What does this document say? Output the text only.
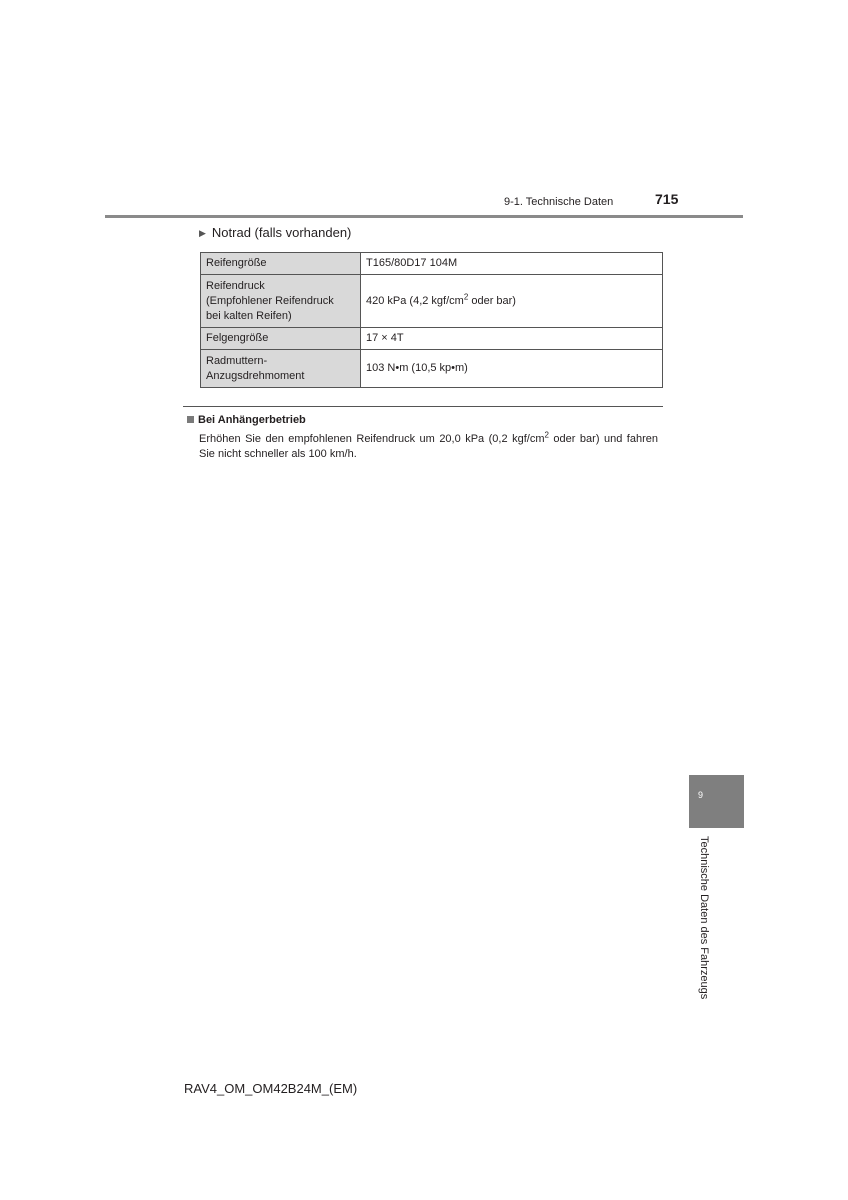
9-1. Technische Daten	715
▶ Notrad (falls vorhanden)
Reifengröße	T165/80D17 104M

Reifendruck
(Empfohlener Reifendruck
bei kalten Reifen)	420 kPa (4,2 kgf/$cm^2$ oder bar)
Felgengröße	17 × 4T

Radmuttern-
Anzugsdrehmoment	103 N•m (10,5 kp•m)
Bei Anhängerbetrieb
Erhöhen Sie den empfohlenen Reifendruck um 20,0 kPa (0,2 kgf/$cm^2$ oder bar) und fahren Sie nicht schneller als 100 km/h.
9
Technische Daten des Fahrzeugs
RAV4_OM_OM42B24M_(EM)
